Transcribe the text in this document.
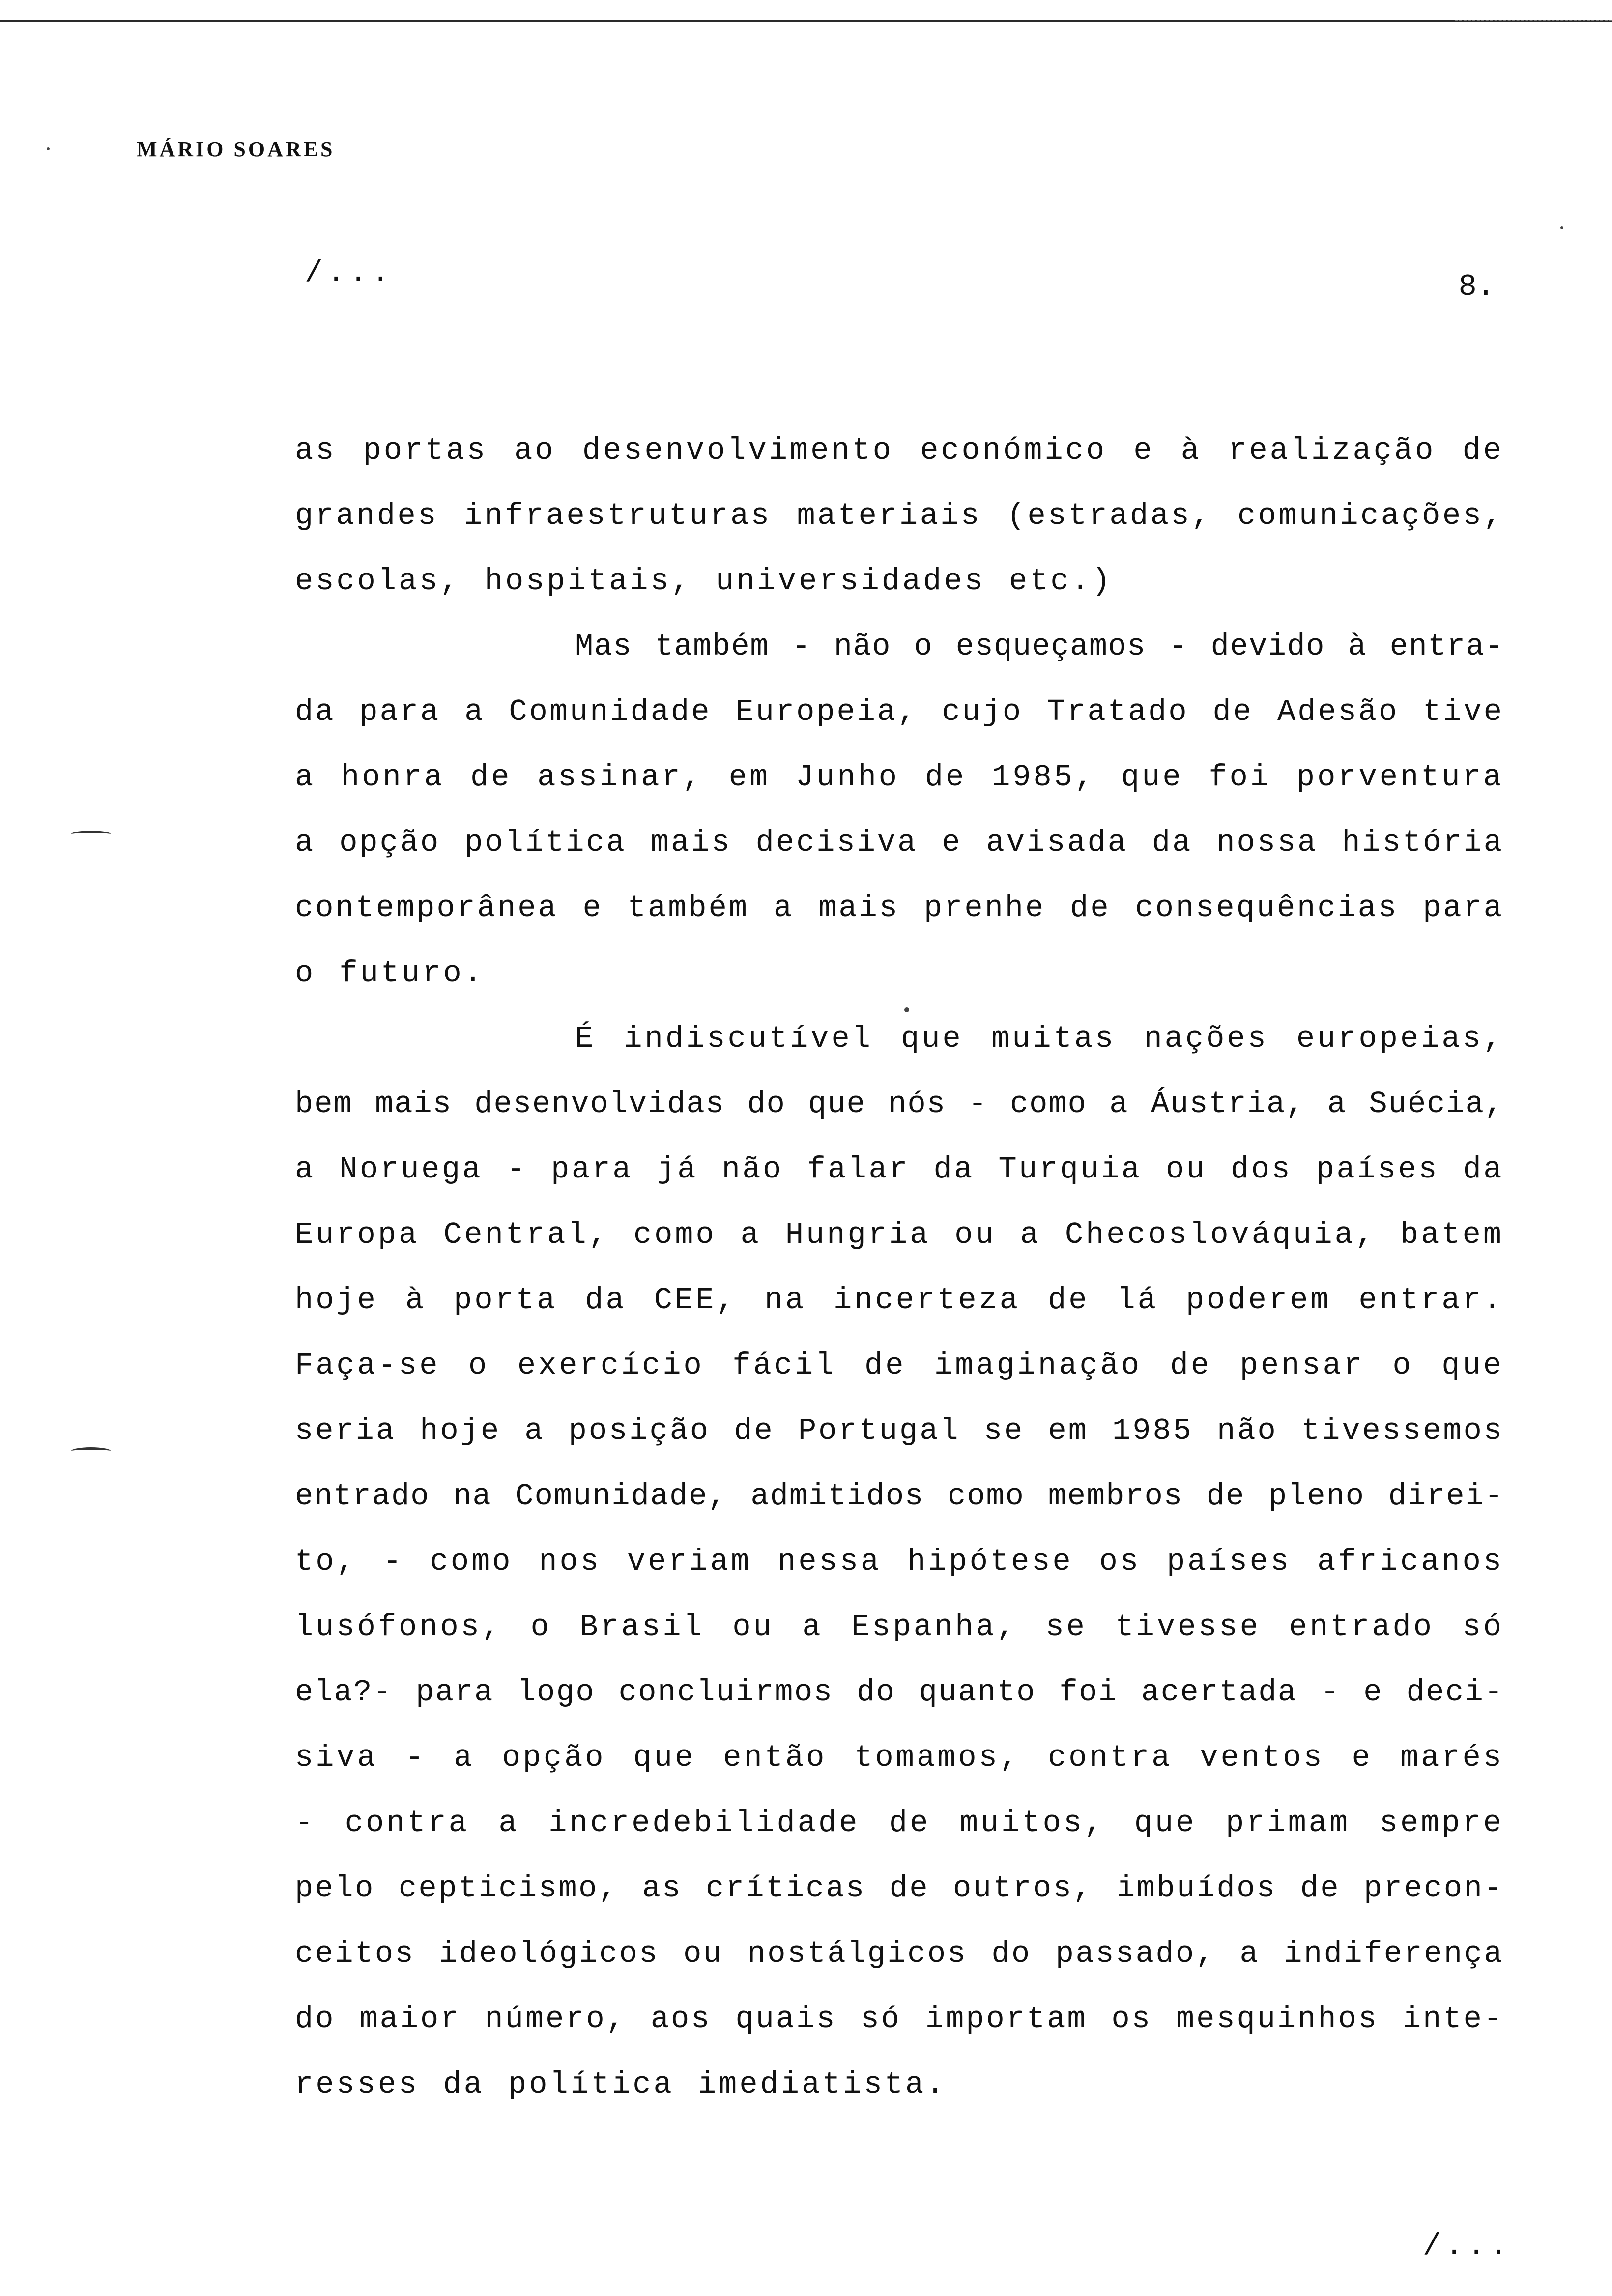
MÁRIO SOARES
/...	8.

as portas ao desenvolvimento económico e à realização de
grandes infraestruturas materiais (estradas, comunicações,
escolas, hospitais, universidades etc.)

Mas também - não o esqueçamos - devido à entra-
da para a Comunidade Europeia, cujo Tratado de Adesão tive
a honra de assinar, em Junho de 1985, que foi porventura
a opção política mais decisiva e avisada da nossa história
contemporânea e também a mais prenhe de consequências para
o futuro.

É indiscutível que muitas nações europeias,
bem mais desenvolvidas do que nós - como a Áustria, a Suécia,
a Noruega - para já não falar da Turquia ou dos países da
Europa Central, como a Hungria ou a Checoslováquia, batem
hoje à porta da CEE, na incerteza de lá poderem entrar.
Faça-se o exercício fácil de imaginação de pensar o que
seria hoje a posição de Portugal se em 1985 não tivessemos
entrado na Comunidade, admitidos como membros de pleno direi-
to, - como nos veriam nessa hipótese os países africanos
lusófonos, o Brasil ou a Espanha, se tivesse entrado só
ela?- para logo concluirmos do quanto foi acertada - e deci-
siva - a opção que então tomamos, contra ventos e marés
- contra a incredebilidade de muitos, que primam sempre
pelo cepticismo, as críticas de outros, imbuídos de precon-
ceitos ideológicos ou nostálgicos do passado, a indiferença
do maior número, aos quais só importam os mesquinhos inte-
resses da política imediatista.

/...
